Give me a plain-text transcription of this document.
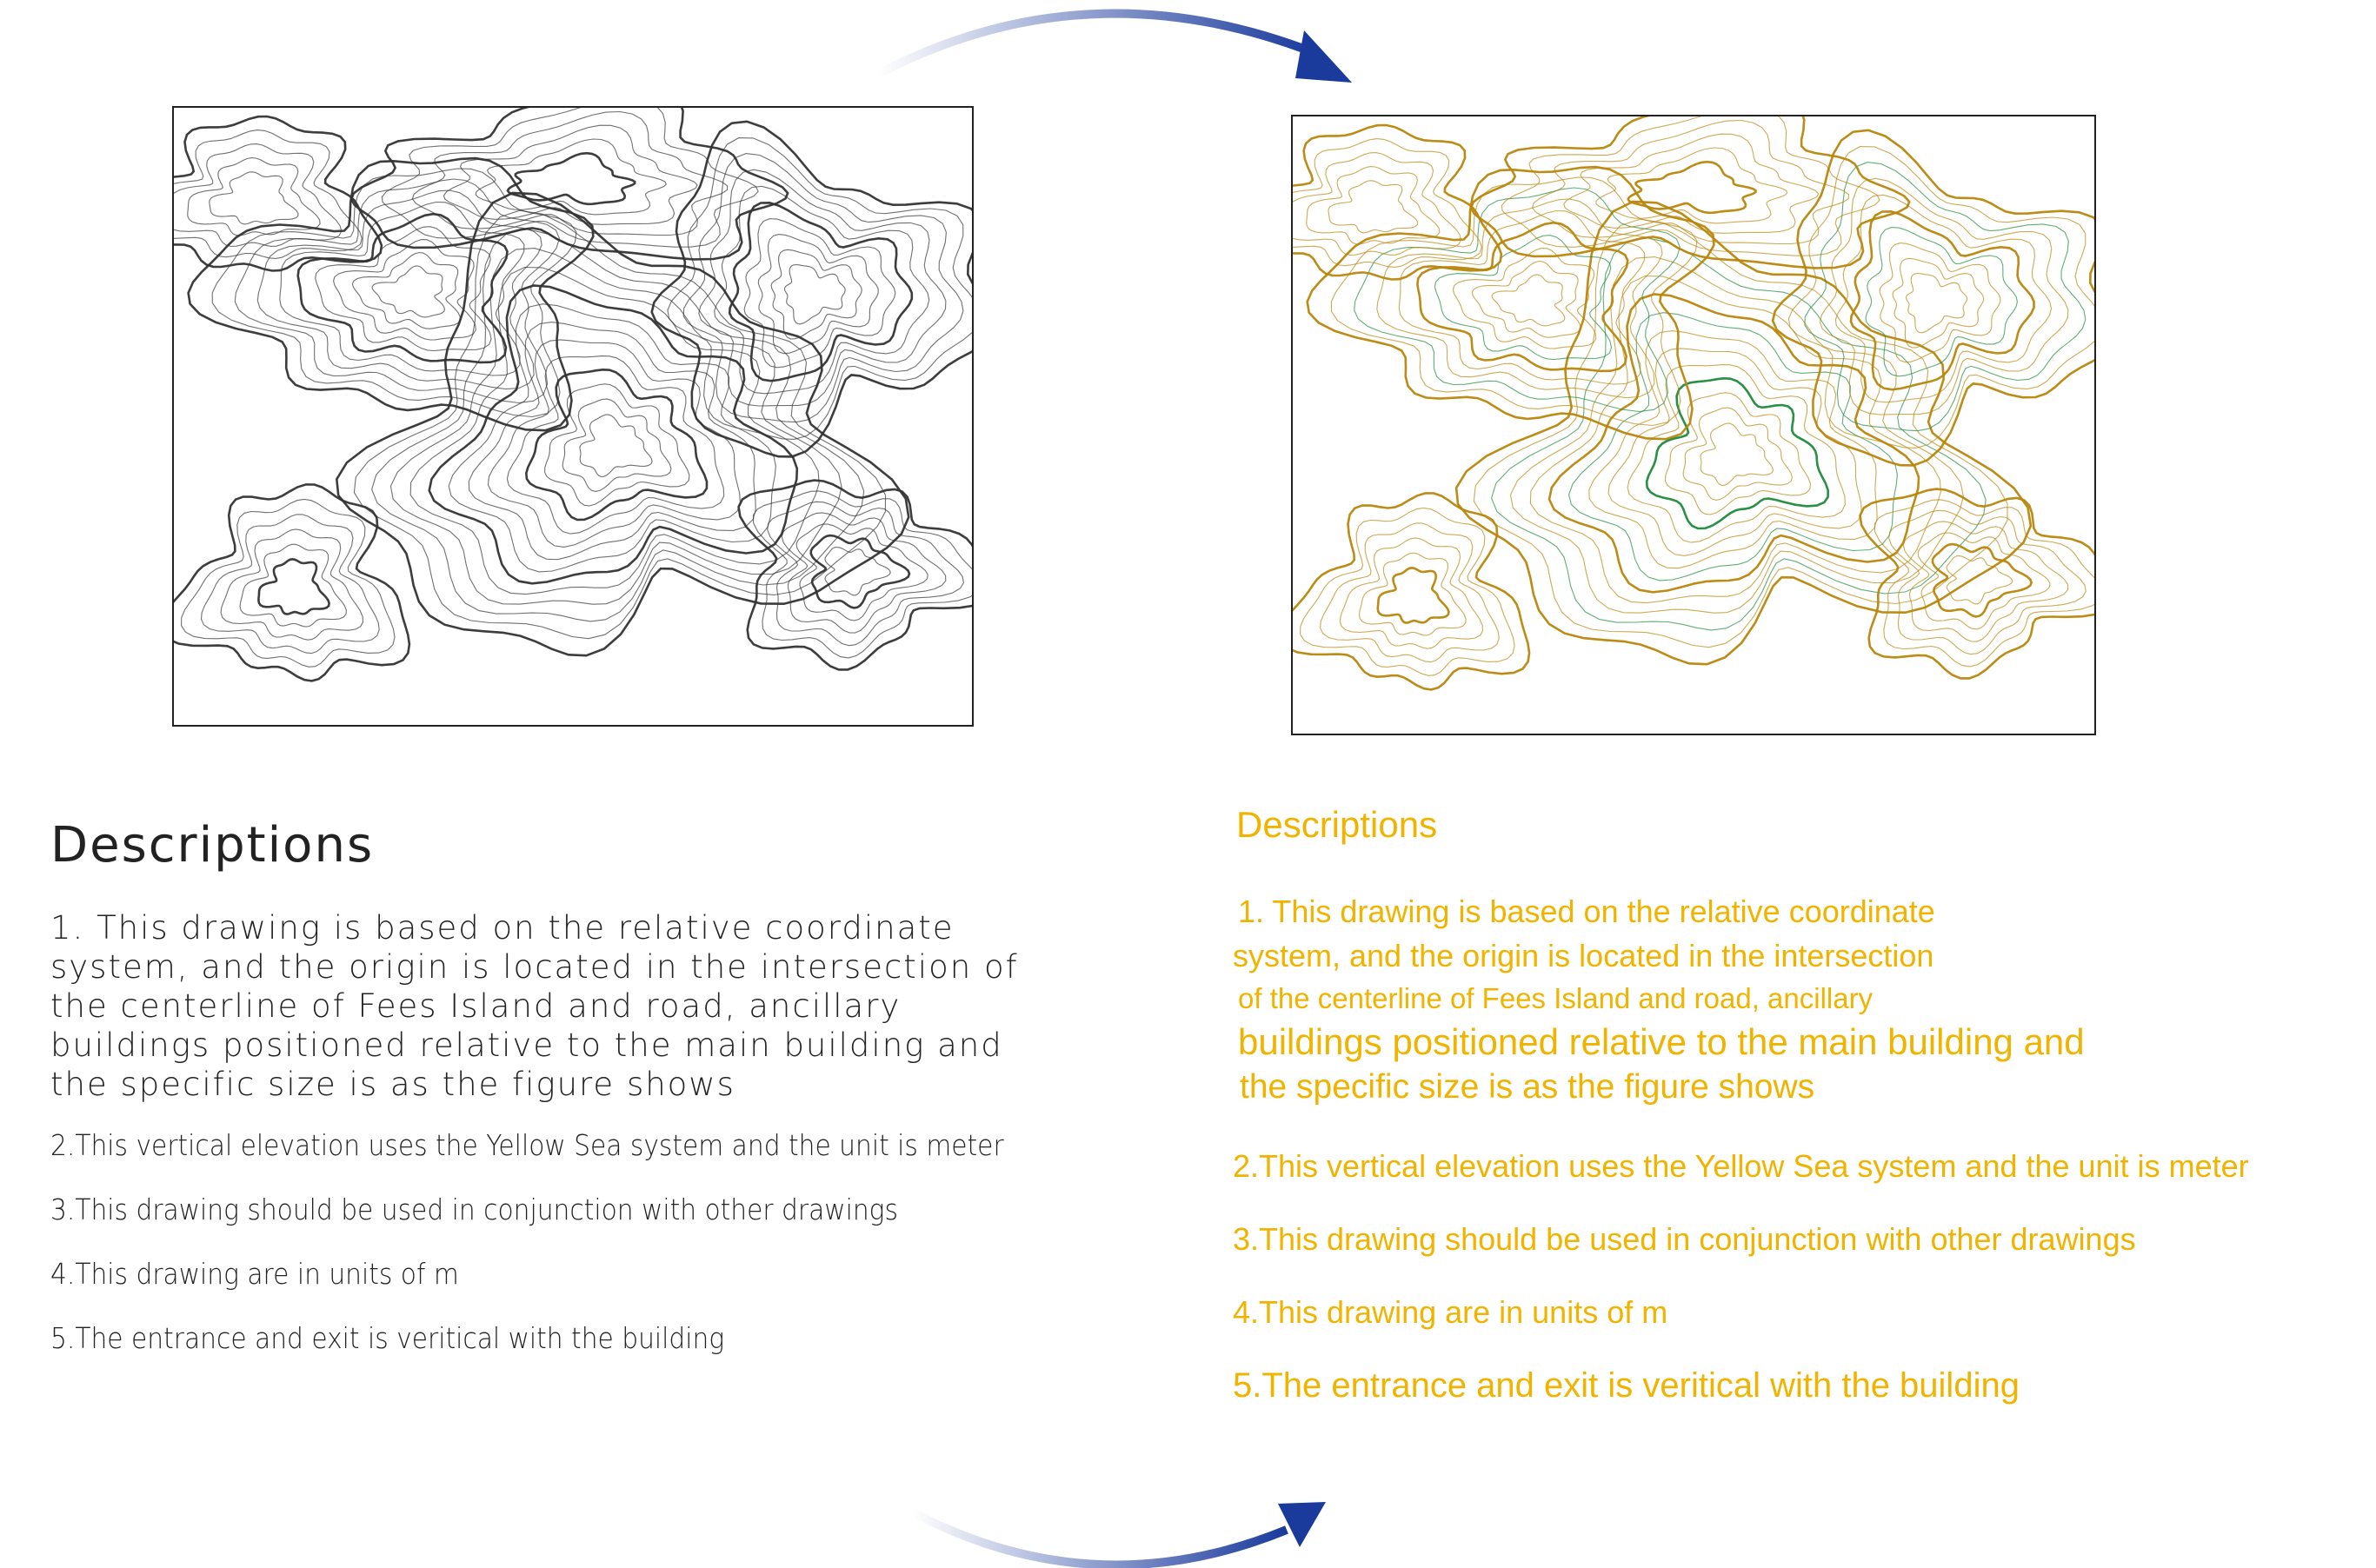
Descriptions

1. This drawing is based on the relative coordinate system, and the origin is located in the intersection of the centerline of Fees Island and road, ancillary buildings positioned relative to the main building and the specific size is as the figure shows

2.This vertical elevation uses the Yellow Sea system and the unit is meter

3.This drawing should be used in conjunction with other drawings

4.This drawing are in units of m

5.The entrance and exit is veritical with the building

Descriptions

1. This drawing is based on the relative coordinate

system, and the origin is located in the intersection

of the centerline of Fees Island and road, ancillary

buildings positioned relative to the main building and

the specific size is as the figure shows

2.This vertical elevation uses the Yellow Sea system and the unit is meter

3.This drawing should be used in conjunction with other drawings

4.This drawing are in units of m

5.The entrance and exit is veritical with the building
